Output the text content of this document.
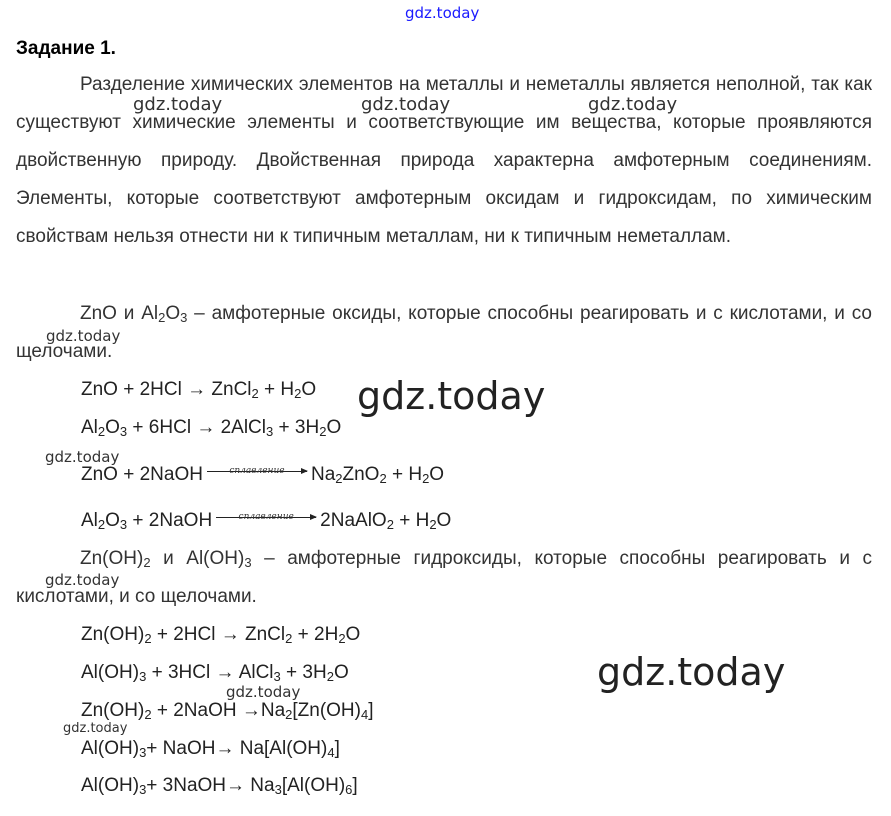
gdz.today
Задание 1.
Разделение химических элементов на металлы и неметаллы является неполной, так как существуют химические элементы и соответствующие им вещества, которые проявляются двойственную природу. Двойственная природа характерна амфотерным соединениям. Элементы, которые соответствуют амфотерным оксидам и гидроксидам, по химическим свойствам нельзя отнести ни к типичным металлам, ни к типичным неметаллам.
ZnO и $Al_2O_3$ – амфотерные оксиды, которые способны реагировать и с кислотами, и со щелочами.
ZnO + 2HCl → ZnCl$_2$ + $H_2O$
$Al_2O_3 + 6HCl$ → 2AlCl$_3$ + $3H_2O$
ZnO + 2NaOH	сплавление	$Na_2ZnO_2 + H_2O$
$Al_2O_3$ + 2NaOH	сплавление	2NaAlO$_2$ + $H_2O$
$Zn(OH)_2$ и $Al(OH)_3$ – амфотерные гидроксиды, которые способны реагировать и с кислотами, и со щелочами.
$Zn(OH)_2 + 2HCl$ → ZnCl$_2$ + $2H_2O$
$Al(OH)_3 + 3HCl$ → AlCl$_3$ + $3H_2O$
$Zn(OH)_2$ + 2NaOH $\to Na_2[Zn(OH)_4]$
$Al(OH)_3+$ NaOH→ $Na[Al(OH)_4]$
$Al(OH)_3+$ 3NaOH→ $Na_3[Al(OH)_6]$
gdz.today	gdz.today	gdz.today
gdz.today
gdz.today
gdz.today
gdz.today
gdz.today
gdz.today
gdz.today
